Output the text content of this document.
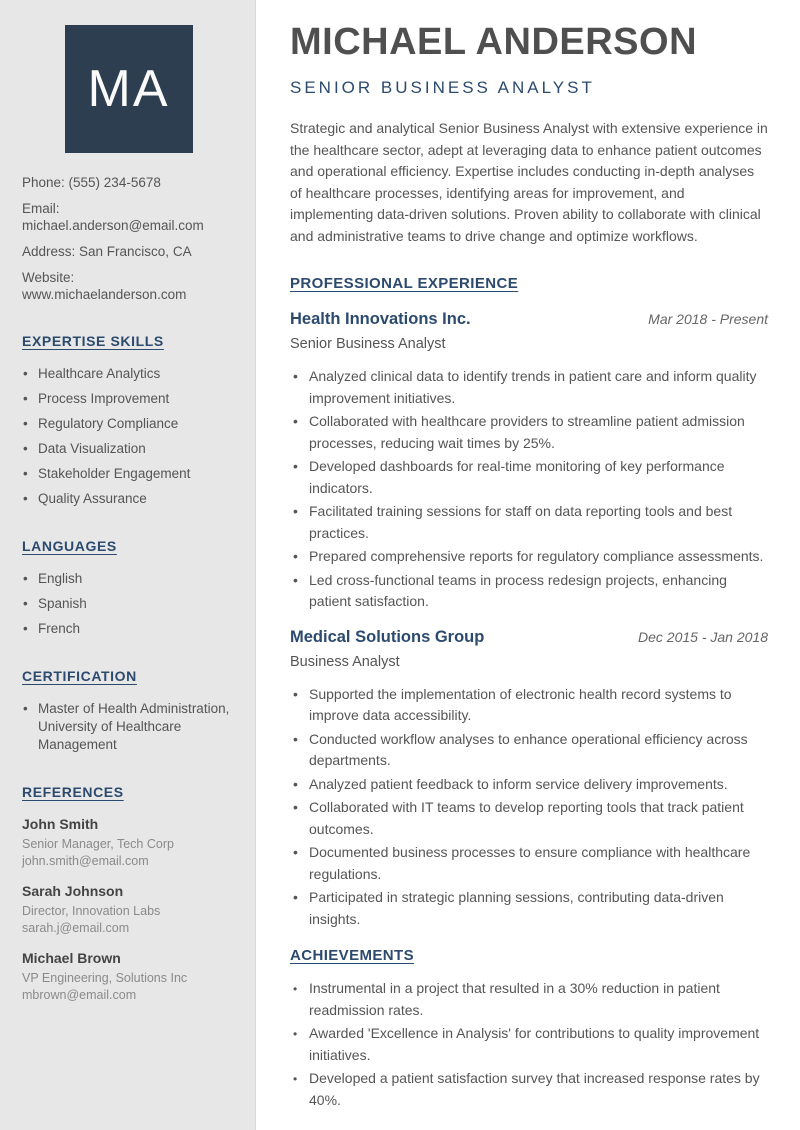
MA
Phone: (555) 234-5678
Email: michael.anderson@email.com
Address: San Francisco, CA
Website: www.michaelanderson.com
EXPERTISE SKILLS
• Healthcare Analytics
• Process Improvement
• Regulatory Compliance
• Data Visualization
• Stakeholder Engagement
• Quality Assurance
LANGUAGES
• English
• Spanish
• French
CERTIFICATION
• Master of Health Administration, University of Healthcare Management
REFERENCES
John Smith
Senior Manager, Tech Corp
john.smith@email.com
Sarah Johnson
Director, Innovation Labs
sarah.j@email.com
Michael Brown
VP Engineering, Solutions Inc
mbrown@email.com
MICHAEL ANDERSON
SENIOR BUSINESS ANALYST

Strategic and analytical Senior Business Analyst with extensive experience in the healthcare sector, adept at leveraging data to enhance patient outcomes and operational efficiency. Expertise includes conducting in-depth analyses of healthcare processes, identifying areas for improvement, and implementing data-driven solutions. Proven ability to collaborate with clinical and administrative teams to drive change and optimize workflows.

PROFESSIONAL EXPERIENCE
Health Innovations Inc.	Mar 2018 - Present
Senior Business Analyst
• Analyzed clinical data to identify trends in patient care and inform quality improvement initiatives.
• Collaborated with healthcare providers to streamline patient admission processes, reducing wait times by 25%.
• Developed dashboards for real-time monitoring of key performance indicators.
• Facilitated training sessions for staff on data reporting tools and best practices.
• Prepared comprehensive reports for regulatory compliance assessments.
• Led cross-functional teams in process redesign projects, enhancing patient satisfaction.
Medical Solutions Group	Dec 2015 - Jan 2018
Business Analyst
• Supported the implementation of electronic health record systems to improve data accessibility.
• Conducted workflow analyses to enhance operational efficiency across departments.
• Analyzed patient feedback to inform service delivery improvements.
• Collaborated with IT teams to develop reporting tools that track patient outcomes.
• Documented business processes to ensure compliance with healthcare regulations.
• Participated in strategic planning sessions, contributing data-driven insights.
ACHIEVEMENTS
• Instrumental in a project that resulted in a 30% reduction in patient readmission rates.
• Awarded 'Excellence in Analysis' for contributions to quality improvement initiatives.
• Developed a patient satisfaction survey that increased response rates by 40%.
